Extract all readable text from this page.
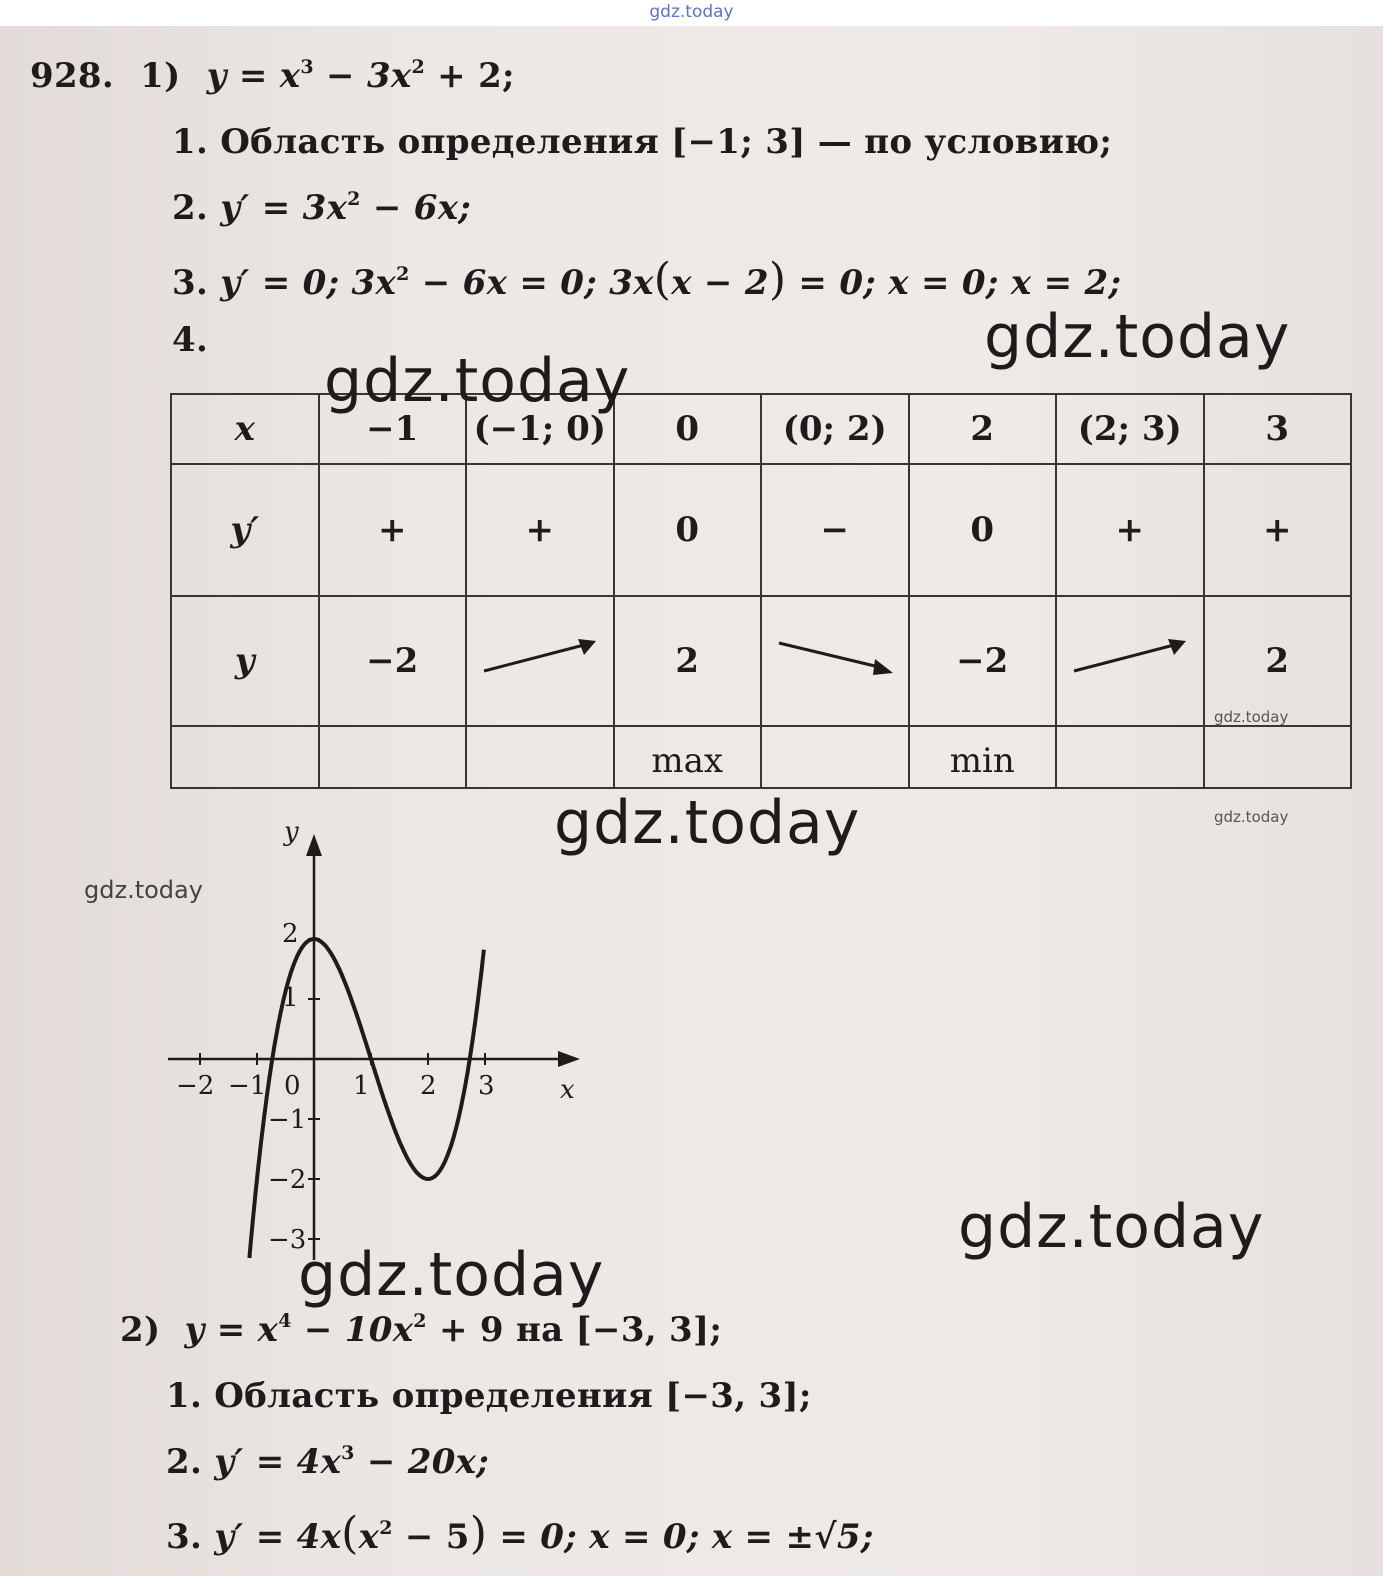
gdz.today
928. 1) $y = x^3 - 3x^2 + 2$;
1. Область определения [−1; 3] — по условию;
2. $y' = 3x^2 - 6x$;
3. y′ = 0; $3x^2 - 6x = 0$; 3x(x − 2) = 0; x = 0; x = 2;
4.
x	−1	(−1; 0)	0	(0; 2)	2	(2; 3)	3
y′	+	+	0	−	0	+	+
y	−2		2		−2		2
			max		min		
x
y
−2 −1 0 1 2 3
2
1
−1
−2
−3
2) $y = x^4 - 10x^2 + 9$ на [−3, 3];
1. Область определения [−3, 3];
2. $y' = 4x^3 - 20x$;
3. $y' = 4x(x^2 - 5) = 0$; x = 0; x = ±√5;
gdz.today
gdz.today
gdz.today
gdz.today
gdz.today
gdz.today
gdz.today
gdz.today
